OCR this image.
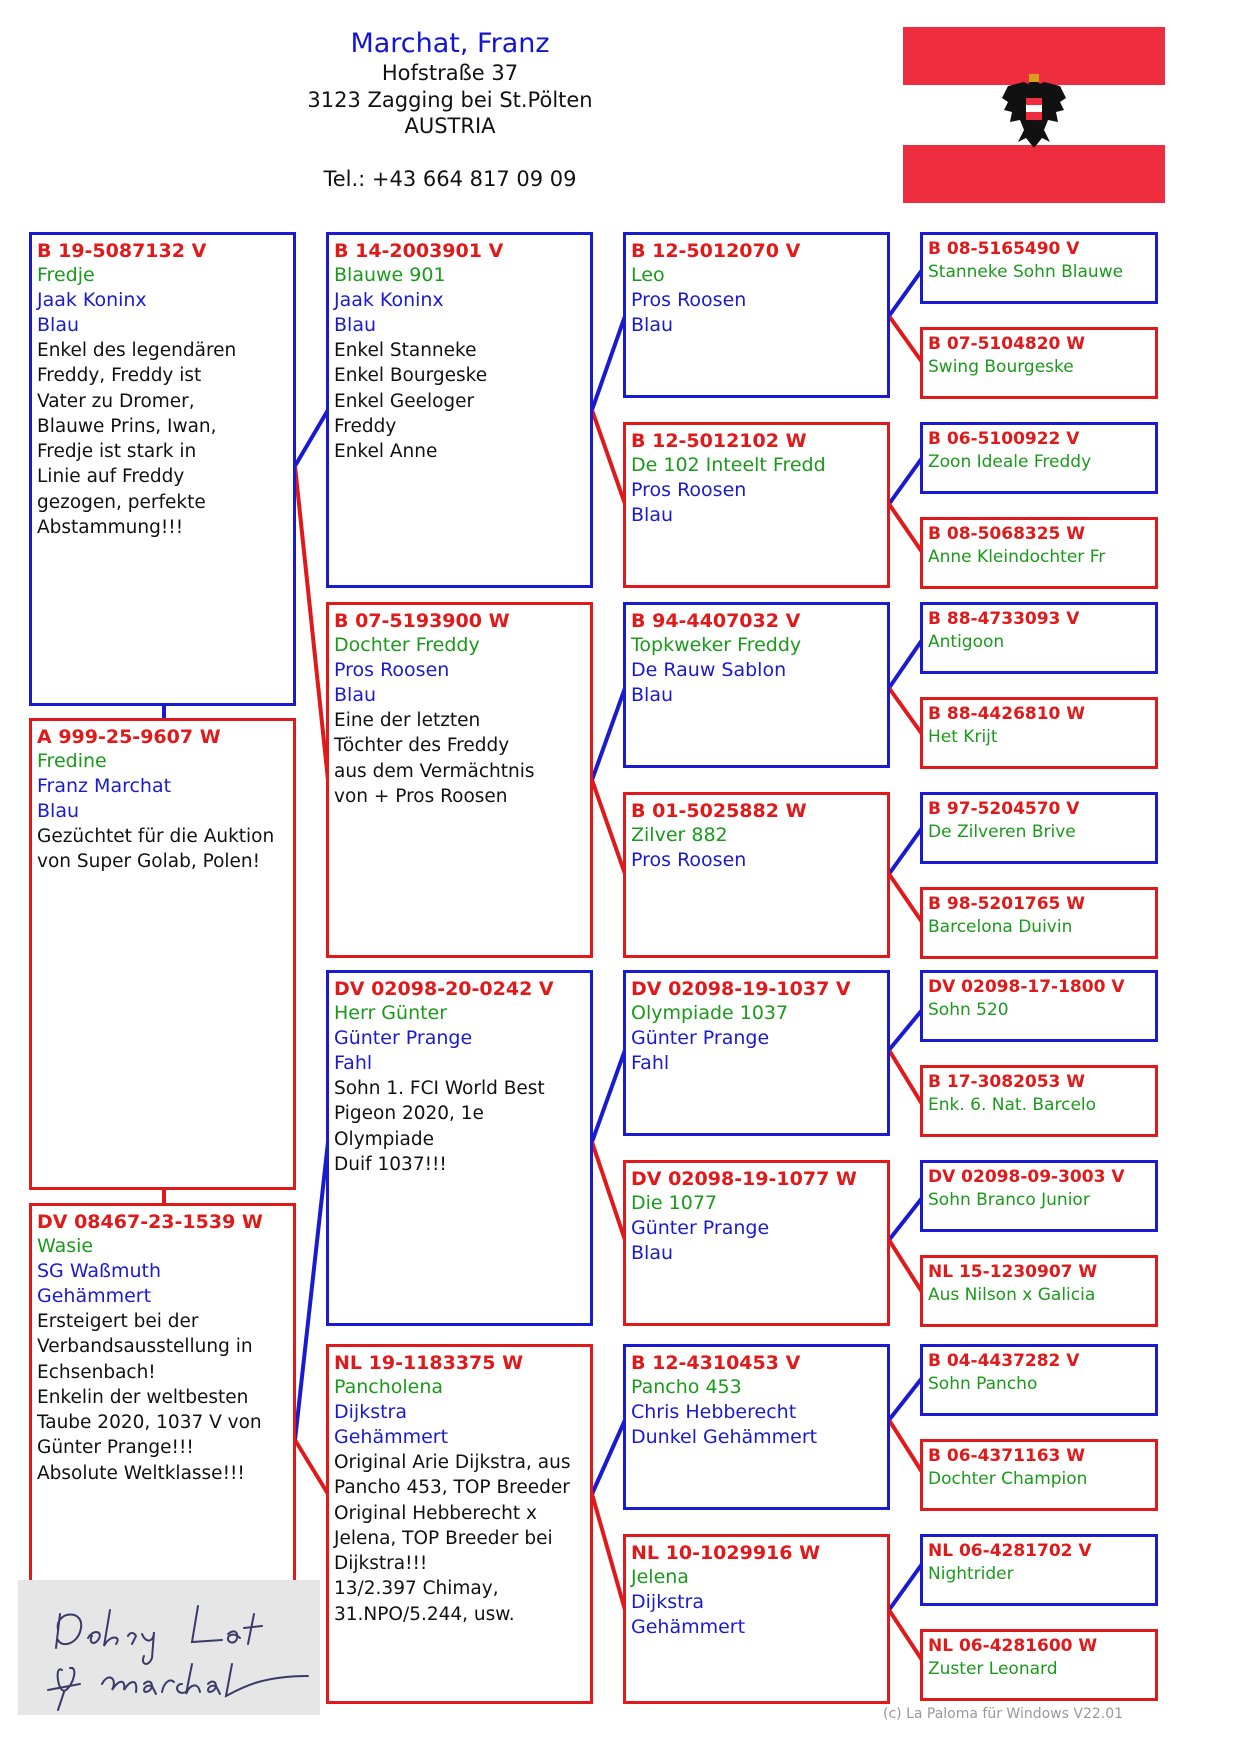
Marchat, Franz
Hofstraße 37
3123 Zagging bei St.Pölten
AUSTRIA
Tel.: +43 664 817 09 09
B 19-5087132 V
Fredje
Jaak Koninx
Blau
Enkel des legendären
Freddy, Freddy ist
Vater zu Dromer,
Blauwe Prins, Iwan,
Fredje ist stark in
Linie auf Freddy
gezogen, perfekte
Abstammung!!!
A 999-25-9607 W
Fredine
Franz Marchat
Blau
Gezüchtet für die Auktion
von Super Golab, Polen!
DV 08467-23-1539 W
Wasie
SG Waßmuth
Gehämmert
Ersteigert bei der
Verbandsausstellung in
Echsenbach!
Enkelin der weltbesten
Taube 2020, 1037 V von
Günter Prange!!!
Absolute Weltklasse!!!
B 14-2003901 V
Blauwe 901
Jaak Koninx
Blau
Enkel Stanneke
Enkel Bourgeske
Enkel Geeloger
Freddy
Enkel Anne
B 07-5193900 W
Dochter Freddy
Pros Roosen
Blau
Eine der letzten
Töchter des Freddy
aus dem Vermächtnis
von + Pros Roosen
DV 02098-20-0242 V
Herr Günter
Günter Prange
Fahl
Sohn 1. FCI World Best
Pigeon 2020, 1e Olympiade
Duif 1037!!!
NL 19-1183375 W
Pancholena
Dijkstra
Gehämmert
Original Arie Dijkstra, aus
Pancho 453, TOP Breeder
Original Hebberecht x
Jelena, TOP Breeder bei
Dijkstra!!!
13/2.397 Chimay,
31.NPO/5.244, usw.
B 12-5012070 V
Leo
Pros Roosen
Blau
B 12-5012102 W
De 102 Inteelt Fredd
Pros Roosen
Blau
B 94-4407032 V
Topkweker Freddy
De Rauw Sablon
Blau
B 01-5025882 W
Zilver 882
Pros Roosen
DV 02098-19-1037 V
Olympiade 1037
Günter Prange
Fahl
DV 02098-19-1077 W
Die 1077
Günter Prange
Blau
B 12-4310453 V
Pancho 453
Chris Hebberecht
Dunkel Gehämmert
NL 10-1029916 W
Jelena
Dijkstra
Gehämmert
B 08-5165490 V
Stanneke Sohn Blauwe
B 07-5104820 W
Swing Bourgeske
B 06-5100922 V
Zoon Ideale Freddy
B 08-5068325 W
Anne Kleindochter Fr
B 88-4733093 V
Antigoon
B 88-4426810 W
Het Krijt
B 97-5204570 V
De Zilveren Brive
B 98-5201765 W
Barcelona Duivin
DV 02098-17-1800 V
Sohn 520
B 17-3082053 W
Enk. 6. Nat. Barcelo
DV 02098-09-3003 V
Sohn Branco Junior
NL 15-1230907 W
Aus Nilson x Galicia
B 04-4437282 V
Sohn Pancho
B 06-4371163 W
Dochter Champion
NL 06-4281702 V
Nightrider
NL 06-4281600 W
Zuster Leonard
(c) La Paloma für Windows V22.01
